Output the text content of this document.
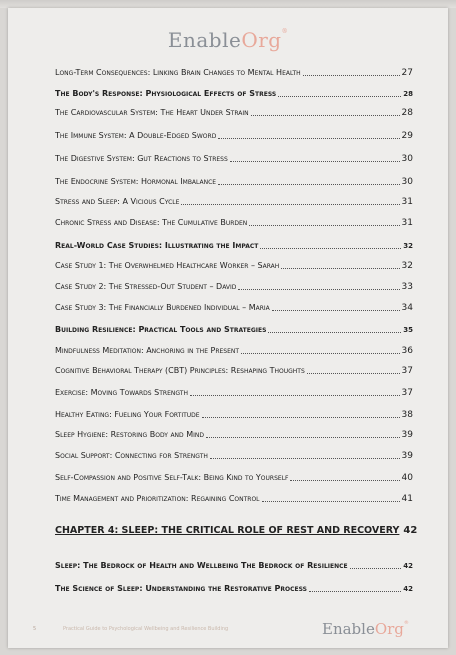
EnableOrg®
Long-Term Consequences: Linking Brain Changes to Mental Health	27
The Body's Response: Physiological Effects of Stress	28
The Cardiovascular System: The Heart Under Strain	28
The Immune System: A Double-Edged Sword	29
The Digestive System: Gut Reactions to Stress	30
The Endocrine System: Hormonal Imbalance	30
Stress and Sleep: A Vicious Cycle	31
Chronic Stress and Disease: The Cumulative Burden	31
Real-World Case Studies: Illustrating the Impact	32
Case Study 1: The Overwhelmed Healthcare Worker – Sarah	32
Case Study 2: The Stressed-Out Student – David	33
Case Study 3: The Financially Burdened Individual – Maria	34
Building Resilience: Practical Tools and Strategies	35
Mindfulness Meditation: Anchoring in the Present	36
Cognitive Behavioral Therapy (CBT) Principles: Reshaping Thoughts	37
Exercise: Moving Towards Strength	37
Healthy Eating: Fueling Your Fortitude	38
Sleep Hygiene: Restoring Body and Mind	39
Social Support: Connecting for Strength	39
Self-Compassion and Positive Self-Talk: Being Kind to Yourself	40
Time Management and Prioritization: Regaining Control	41
CHAPTER 4: SLEEP: THE CRITICAL ROLE OF REST AND RECOVERY 42
Sleep: The Bedrock of Health and Wellbeing The Bedrock of Resilience	42
The Science of Sleep: Understanding the Restorative Process	42
5	Practical Guide to Psychological Wellbeing and Resilience Building	EnableOrg®
